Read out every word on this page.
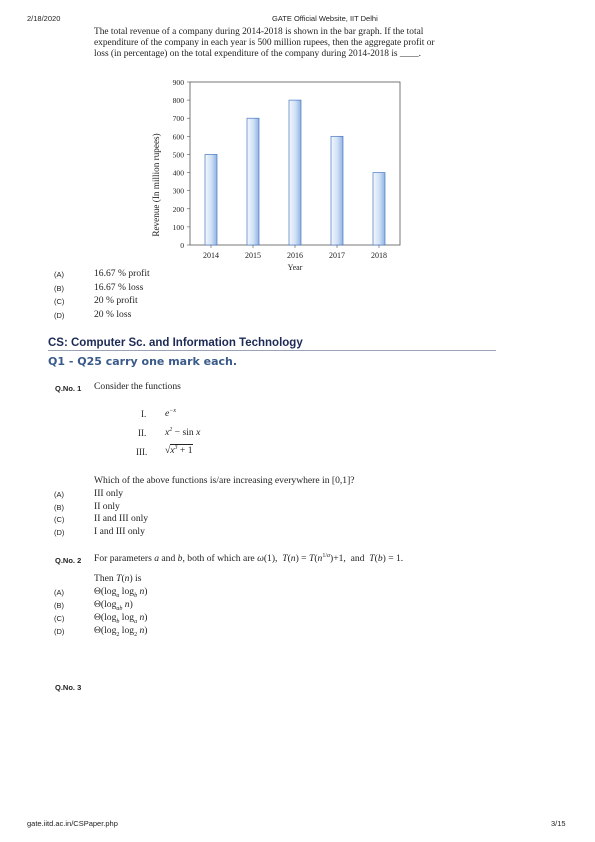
2/18/2020	GATE Official Website, IIT Delhi
The total revenue of a company during 2014-2018 is shown in the bar graph. If the total
expenditure of the company in each year is 500 million rupees, then the aggregate profit or
loss (in percentage) on the total expenditure of the company during 2014-2018 is ____.
Revenue (In million rupees)
Year
0
100
200
300
400
500
600
700
800
900
2014	2015	2016	2017	2018
(A)	16.67 % profit
(B)	16.67 % loss
(C)	20 % profit
(D)	20 % loss
CS: Computer Sc. and Information Technology
Q1 - Q25 carry one mark each.
Q.No. 1 Consider the functions
I. $e^{-x}$
II. $x^2 - \sin x$
III. $√x^3 + 1$
Which of the above functions is/are increasing everywhere in [0,1]?
(A)	III only
(B)	II only
(C)	II and III only
(D)	I and III only
Q.No. 2 For parameters a and b, both of which are ω(1),  $T(n) = T(n^{1/a})+1$,  and  T(b) = 1.
Then T(n) is
(A)	$\Theta(\log_a$ $\log_b n$)
(B)	$\Theta(\log_{ab}$ n)
(C)	$\Theta(\log_b$ $\log_a n$)
(D)	$\Theta(\log_2$ $\log_2 n$)
Q.No. 3
gate.iitd.ac.in/CSPaper.php	3/15
